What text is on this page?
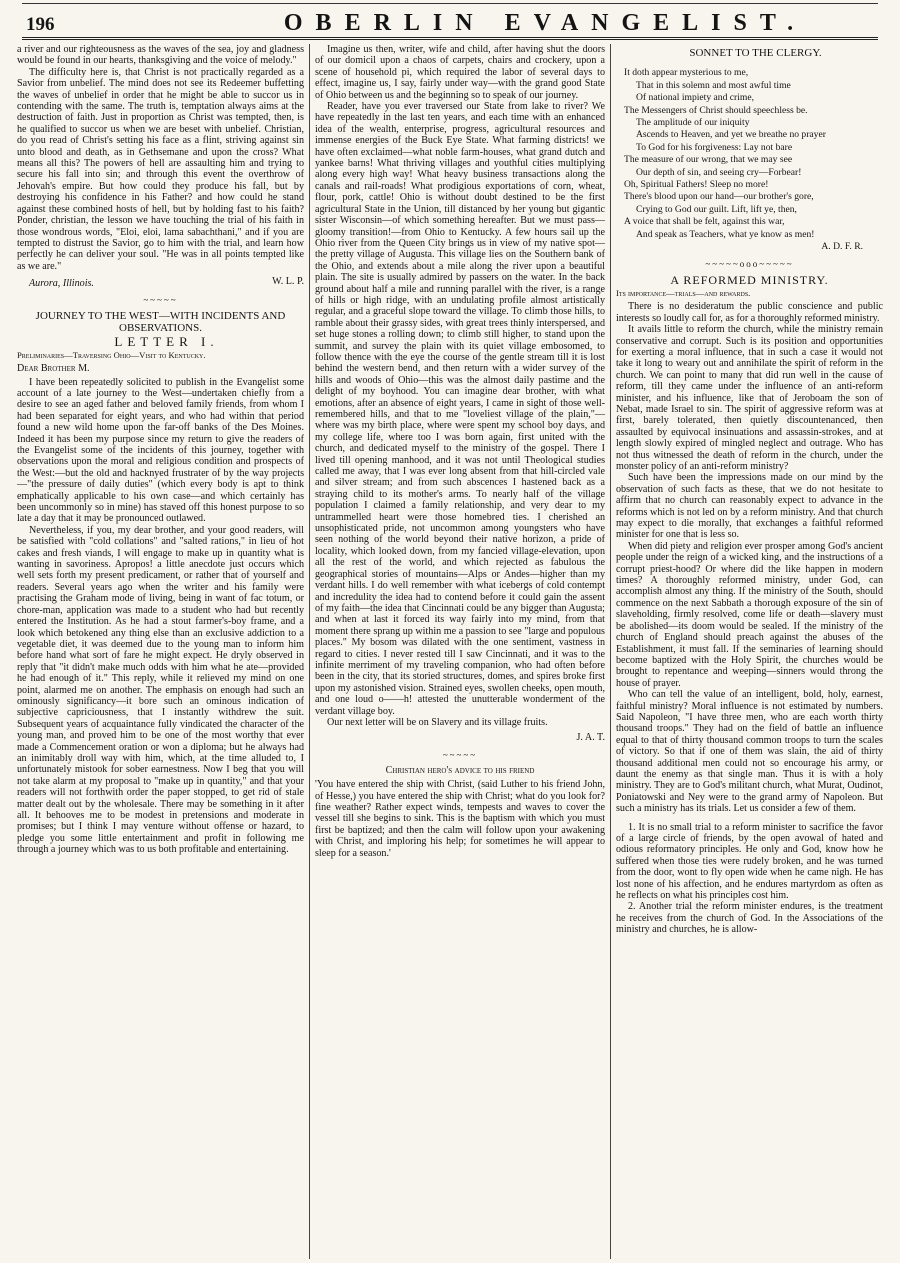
196	OBERLIN EVANGELIST.

a river and our righteousness as the waves of the sea, joy and gladness would be found in our hearts, thanksgiving and the voice of melody."

The difficulty here is, that Christ is not practically regarded as a Savior from unbelief. The mind does not see its Redeemer buffetting the waves of unbelief in order that he might be able to succor us in contending with the same. The truth is, temptation always aims at the destruction of faith. Just in proportion as Christ was tempted, then, is he qualified to succor us when we are beset with unbelief. Christian, do you read of Christ's setting his face as a flint, striving against sin unto blood and death, as in Gethsemane and upon the cross? What means all this? The powers of hell are assaulting him and trying to secure his fall into sin; and through this event the overthrow of Jehovah's empire. But how could they produce his fall, but by destroying his confidence in his Father? and how could he stand against these combined hosts of hell, but by holding fast to his faith? Ponder, christian, the lesson we have touching the trial of his faith in those wondrous words, "Eloi, eloi, lama sabachthani," and if you are tempted to distrust the Savior, go to him with the trial, and learn how perfectly he can deliver your soul. "He was in all points tempted like as we are."

W. L. P.

Aurora, Illinois.

~~~~~

JOURNEY TO THE WEST—WITH INCIDENTS AND OBSERVATIONS.

LETTER I.

Preliminaries—Traversing Ohio—Visit to Kentucky.

Dear Brother M.

I have been repeatedly solicited to publish in the Evangelist some account of a late journey to the West—undertaken chiefly from a desire to see an aged father and beloved family friends, from whom I had been separated for eight years, and who had within that period found a new wild home upon the far-off banks of the Des Moines. Indeed it has been my purpose since my return to give the readers of the Evangelist some of the incidents of this journey, together with observations upon the moral and religious condition and prospects of the West:—but the old and hacknyed frustrater of by the way projects—"the pressure of daily duties" (which every body is apt to think emphatically applicable to his own case—and which certainly has been uncommonly so in mine) has staved off this honest purpose to so late a day that it may be pronounced outlawed.

Nevertheless, if you, my dear brother, and your good readers, will be satisfied with "cold collations" and "salted rations," in lieu of hot cakes and fresh viands, I will engage to make up in quantity what is wanting in savoriness. Apropos! a little anecdote just occurs which well sets forth my present predicament, or rather that of yourself and readers. Several years ago when the writer and his family were practising the Graham mode of living, being in want of fac totum, or chore-man, application was made to a student who had but recently entered the Institution. As he had a stout farmer's-boy frame, and a look which betokened any thing else than an exclusive addiction to a vegetable diet, it was deemed due to the young man to inform him before hand what sort of fare he might expect. He dryly observed in reply that "it didn't make much odds with him what he ate—provided he had enough of it." This reply, while it relieved my mind on one point, alarmed me on another. The emphasis on enough had such an ominously significancy—it bore such an ominous indication of subjective capriciousness, that I instantly withdrew the suit. Subsequent years of acquaintance fully vindicated the character of the young man, and proved him to be one of the most worthy that ever made a Commencement oration or won a diploma; but he always had an inimitably droll way with him, which, at the time alluded to, I unfortunately mistook for sober earnestness. Now I beg that you will not take alarm at my proposal to "make up in quantity," and that your readers will not forthwith order the paper stopped, to get rid of stale matter dealt out by the wholesale. There may be something in it after all. It behooves me to be modest in pretensions and moderate in promises; but I think I may venture without offense or hazard, to pledge you some little entertainment and profit in following me through a journey which was to us both profitable and entertaining.

Imagine us then, writer, wife and child, after having shut the doors of our domicil upon a chaos of carpets, chairs and crockery, upon a scene of household pi, which required the labor of several days to effect, imagine us, I say, fairly under way—with the grand good State of Ohio between us and the beginning so to speak of our journey.

Reader, have you ever traversed our State from lake to river? We have repeatedly in the last ten years, and each time with an enhanced idea of the wealth, enterprise, progress, agricultural resources and immense energies of the Buck Eye State. What farming districts! we have often exclaimed—what noble farm-houses, what grand dutch and yankee barns! What thriving villages and youthful cities multiplying along every high way! What heavy business transactions along the canals and rail-roads! What prodigious exportations of corn, wheat, flour, pork, cattle! Ohio is without doubt destined to be the first agricultural State in the Union, till distanced by her young but gigantic sister Wisconsin—of which something hereafter. But we must pass—gloomy transition!—from Ohio to Kentucky. A few hours sail up the Ohio river from the Queen City brings us in view of my native spot—the pretty village of Augusta. This village lies on the Southern bank of the Ohio, and extends about a mile along the river upon a beautiful plain. The site is usually admired by passers on the water. In the back ground about half a mile and running parallel with the river, is a range of hills or high ridge, with an undulating profile almost artistically regular, and a graceful slope toward the village. To climb those hills, to ramble about their grassy sides, with great trees thinly interspersed, and set huge stones a rolling down; to climb still higher, to stand upon the summit, and survey the plain with its quiet village embosomed, to follow thence with the eye the course of the gentle stream till it is lost behind the western bend, and then return with a wider survey of the hills and woods of Ohio—this was the almost daily pastime and the delight of my boyhood. You can imagine dear brother, with what emotions, after an absence of eight years, I came in sight of those well-remembered hills, and that to me "loveliest village of the plain,"—where was my birth place, where were spent my school boy days, and my college life, where too I was born again, first united with the church, and dedicated myself to the ministry of the gospel. There I lived till opening manhood, and it was not until Theological studies called me away, that I was ever long absent from that hill-circled vale and silver stream; and from such abscences I hastened back as a straying child to its mother's arms. To nearly half of the village population I claimed a family relationship, and very dear to my untrammelled heart were those homebred ties. I cherished an unsophisticated pride, not uncommon among youngsters who have seen nothing of the world beyond their native horizon, a pride of locality, which looked down, from my fancied village-elevation, upon all the rest of the world, and which rejected as fabulous the geographical stories of mountains—Alps or Andes—higher than my verdant hills. I do well remember with what icebergs of cold contempt and incredulity the idea had to contend before it could gain the assent of my faith—the idea that Cincinnati could be any bigger than Augusta; and when at last it forced its way fairly into my mind, from that moment there sprang up within me a passion to see "large and populous places." My bosom was dilated with the one sentiment, vastness in regard to cities. I never rested till I saw Cincinnati, and it was to the infinite merriment of my traveling companion, who had often before been in the city, that its storied structures, domes, and spires broke first upon my astonished vision. Strained eyes, swollen cheeks, open mouth, and one loud o——h! attested the unutterable wonderment of the verdant village boy.

Our next letter will be on Slavery and its village fruits.

J. A. T.

~~~~~

Christian hero's advice to his friend

'You have entered the ship with Christ, (said Luther to his friend John, of Hesse,) you have entered the ship with Christ; what do you look for? fine weather? Rather expect winds, tempests and waves to cover the vessel till she begins to sink. This is the baptism with which you must first be baptized; and then the calm will follow upon your awakening with Christ, and imploring his help; for sometimes he will appear to sleep for a season.'

SONNET TO THE CLERGY.

It doth appear mysterious to me,

That in this solemn and most awful time

Of national impiety and crime,

The Messengers of Christ should speechless be.

The amplitude of our iniquity

Ascends to Heaven, and yet we breathe no prayer

To God for his forgiveness: Lay not bare

The measure of our wrong, that we may see

Our depth of sin, and seeing cry—Forbear!

Oh, Spiritual Fathers! Sleep no more!

There's blood upon our hand—our brother's gore,

Crying to God our guilt. Lift, lift ye, then,

A voice that shall be felt, against this war,

And speak as Teachers, what ye know as men!

A. D. F. R.

~~~~~ooo~~~~~

A REFORMED MINISTRY.

Its importance—trials—and rewards.

There is no desideratum the public conscience and public interests so loudly call for, as for a thoroughly reformed ministry.

It avails little to reform the church, while the ministry remain conservative and corrupt. Such is its position and opportunities for exerting a moral influence, that in such a case it would not take it long to weary out and annihilate the spirit of reform in the church. We can point to many that did run well in the cause of reform, till they came under the influence of an anti-reform minister, and his influence, like that of Jeroboam the son of Nebat, made Israel to sin. The spirit of aggressive reform was at first, barely tolerated, then quietly discountenanced, then assaulted by equivocal insinuations and assassin-strokes, and at length slowly expired of mingled neglect and outrage. Who has not thus witnessed the death of reform in the church, under the monster policy of an anti-reform ministry?

Such have been the impressions made on our mind by the observation of such facts as these, that we do not hesitate to affirm that no church can reasonably expect to advance in the reforms which is not led on by a reform ministry. And that church may expect to die morally, that exchanges a faithful reformed minister for one that is less so.

When did piety and religion ever prosper among God's ancient people under the reign of a wicked king, and the instructions of a corrupt priest-hood? Or where did the like happen in modern times? A thoroughly reformed ministry, under God, can accomplish almost any thing. If the ministry of the South, should commence on the next Sabbath a thorough exposure of the sin of slaveholding, firmly resolved, come life or death—slavery must be abolished—its doom would be sealed. If the ministry of the church of England should preach against the abuses of the Establishment, it must fall. If the seminaries of learning should become baptized with the Holy Spirit, the churches would be brought to repentance and weeping—sinners would throng the house of prayer.

Who can tell the value of an intelligent, bold, holy, earnest, faithful ministry? Moral influence is not estimated by numbers. Said Napoleon, "I have three men, who are each worth thirty thousand troops." They had on the field of battle an influence equal to that of thirty thousand common troops to turn the scales of victory. So that if one of them was slain, the aid of thirty thousand additional men could not so encourage his army, or daunt the enemy as that single man. Thus it is with a holy ministry. They are to God's militant church, what Murat, Oudinot, Poniatowski and Ney were to the grand army of Napoleon. But such a ministry has its trials. Let us consider a few of them.

1. It is no small trial to a reform minister to sacrifice the favor of a large circle of friends, by the open avowal of hated and odious reformatory principles. He only and God, know how he suffered when those ties were rudely broken, and he was turned from the door, wont to fly open wide when he came nigh. He has lost none of his affection, and he endures martyrdom as often as he reflects on what his principles cost him.

2. Another trial the reform minister endures, is the treatment he receives from the church of God. In the Associations of the ministry and churches, he is allow-
